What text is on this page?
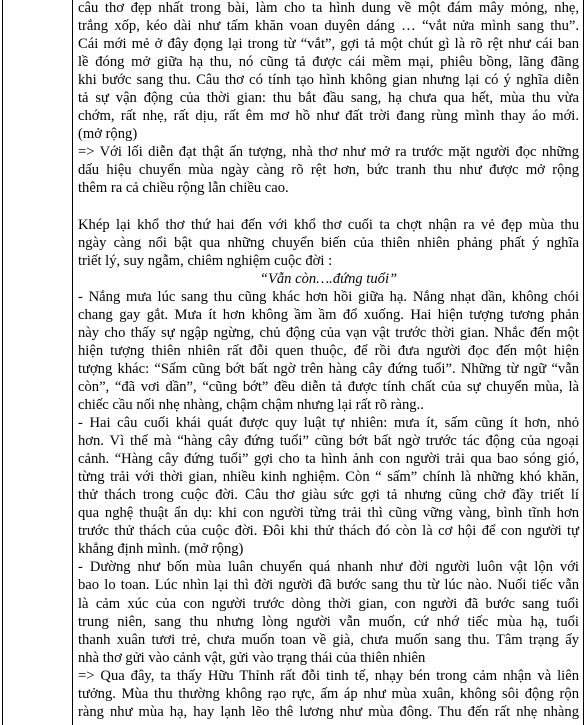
câu thơ đẹp nhất trong bài, làm cho ta hình dung về một đám mây mỏng, nhẹ,
trắng xốp, kéo dài như tấm khăn voan duyên dáng … “vắt nửa mình sang thu”.
Cái mới mẻ ở đây đọng lại trong từ “vắt”, gợi tả một chút gì là rõ rệt như cái ban
lề đóng mở giữa hạ thu, nó cũng tả được cái mềm mại, phiêu bồng, lãng đãng
khi bước sang thu. Câu thơ có tính tạo hình không gian nhưng lại có ý nghĩa diễn
tả sự vận động của thời gian: thu bắt đầu sang, hạ chưa qua hết, mùa thu vừa
chớm, rất nhẹ, rất dịu, rất êm mơ hồ như đất trời đang rùng mình thay áo mới.
(mở rộng)
=> Với lối diễn đạt thật ấn tượng, nhà thơ như mở ra trước mặt người đọc những
dấu hiệu chuyển mùa ngày càng rõ rệt hơn, bức tranh thu như được mở rộng
thêm ra cả chiều rộng lẫn chiều cao.
Khép lại khổ thơ thứ hai đến với khổ thơ cuối ta chợt nhận ra vẻ đẹp mùa thu
ngày càng nổi bật qua những chuyển biến của thiên nhiên phảng phất ý nghĩa
triết lý, suy ngẫm, chiêm nghiệm cuộc đời :
“Vẫn còn….đứng tuổi”
- Nắng mưa lúc sang thu cũng khác hơn hồi giữa hạ. Nắng nhạt dần, không chói
chang gay gắt. Mưa ít hơn không ầm ầm đổ xuống. Hai hiện tượng tương phản
này cho thấy sự ngập ngừng, chủ động của vạn vật trước thời gian. Nhắc đến một
hiện tượng thiên nhiên rất đỗi quen thuộc, để rồi đưa người đọc đến một hiện
tượng khác: “Sấm cũng bớt bất ngờ trên hàng cây đứng tuổi”. Những từ ngữ “vẫn
còn”, “đã vơi dần”, “cũng bớt” đều diễn tả được tính chất của sự chuyển mùa, là
chiếc cầu nối nhẹ nhàng, chậm chậm nhưng lại rất rõ ràng..
- Hai câu cuối khái quát được quy luật tự nhiên: mưa ít, sấm cũng ít hơn, nhỏ
hơn. Vì thế mà “hàng cây đứng tuổi” cũng bớt bất ngờ trước tác động của ngoại
cảnh. “Hàng cây đứng tuổi” gợi cho ta hình ảnh con người trải qua bao sóng gió,
từng trải với thời gian, nhiều kinh nghiệm. Còn “ sấm” chính là những khó khăn,
thử thách trong cuộc đời. Câu thơ giàu sức gợi tả nhưng cũng chở đầy triết lí
qua nghệ thuật ẩn dụ: khi con người từng trải thì cũng vững vàng, bình tĩnh hơn
trước thử thách của cuộc đời. Đôi khi thử thách đó còn là cơ hội để con người tự
khẳng định mình. (mở rộng)
- Dường như bốn mùa luân chuyển quá nhanh như đời người luôn vật lộn với
bao lo toan. Lúc nhìn lại thì đời người đã bước sang thu từ lúc nào. Nuối tiếc vẫn
là cảm xúc của con người trước dòng thời gian, con người đã bước sang tuổi
trung niên, sang thu nhưng lòng người vẫn muốn, cứ nhớ tiếc mùa hạ, tuổi
thanh xuân tươi trẻ, chưa muốn toan về già, chưa muốn sang thu. Tâm trạng ấy
nhà thơ gửi vào cảnh vật, gửi vào trạng thái của thiên nhiên
=> Qua đây, ta thấy Hữu Thỉnh rất đỗi tinh tế, nhạy bén trong cảm nhận và liên
tưởng. Mùa thu thường không rạo rực, ấm áp như mùa xuân, không sôi động rộn
ràng như mùa hạ, hay lạnh lẽo thê lương như mùa đông. Thu đến rất nhẹ nhàng
